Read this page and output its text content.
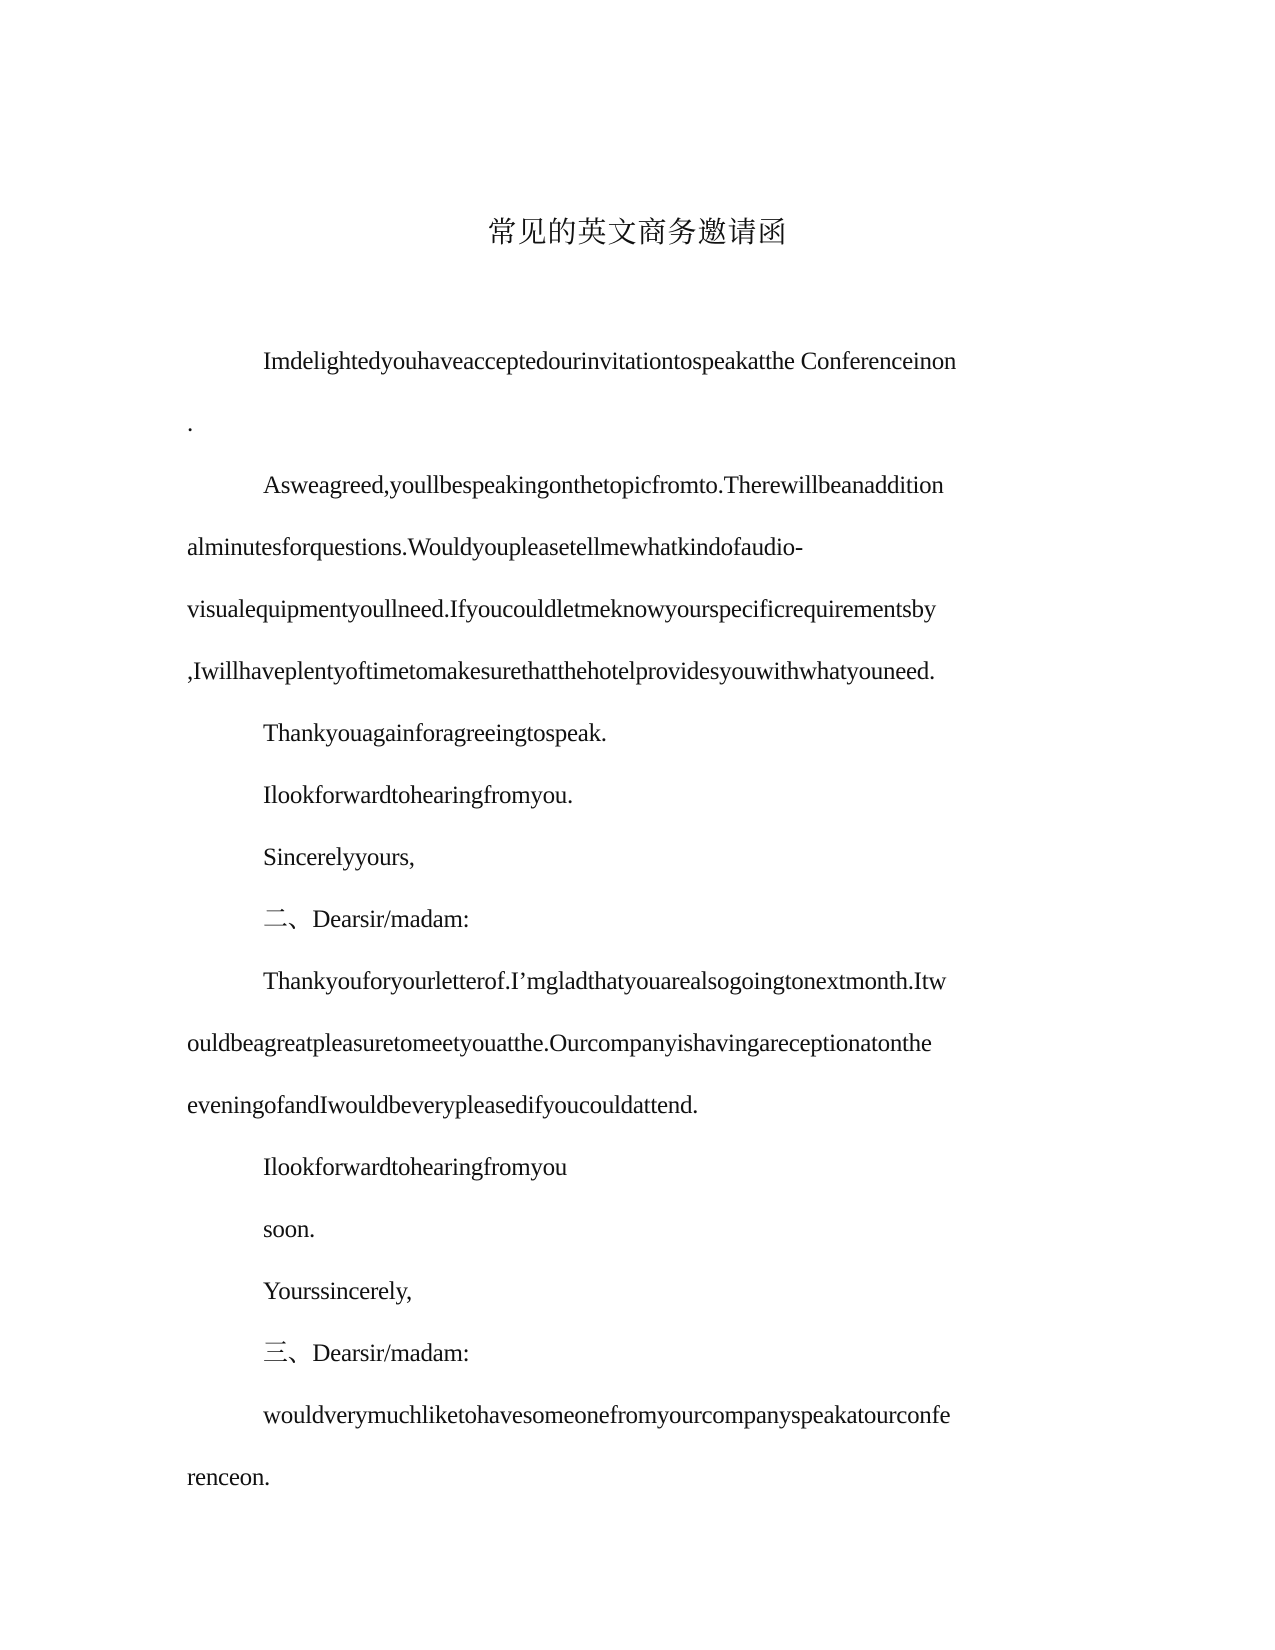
常见的英文商务邀请函
Imdelightedyouhaveacceptedourinvitationtospeakatthe Conferenceinon
.
Asweagreed,youllbespeakingonthetopicfromto.Therewillbeanaddition
alminutesforquestions.Wouldyoupleasetellmewhatkindofaudio-
visualequipmentyoullneed.Ifyoucouldletmeknowyourspecificrequirementsby
,Iwillhaveplentyoftimetomakesurethatthehotelprovidesyouwithwhatyouneed.
Thankyouagainforagreeingtospeak.
Ilookforwardtohearingfromyou.
Sincerelyyours,
二、Dearsir/madam:
Thankyouforyourletterof.I’mgladthatyouarealsogoingtonextmonth.Itw
ouldbeagreatpleasuretomeetyouatthe.Ourcompanyishavingareceptionatonthe
eveningofandIwouldbeverypleasedifyoucouldattend.
Ilookforwardtohearingfromyou
soon.
Yourssincerely,
三、Dearsir/madam:
wouldverymuchliketohavesomeonefromyourcompanyspeakatourconfe
renceon.
